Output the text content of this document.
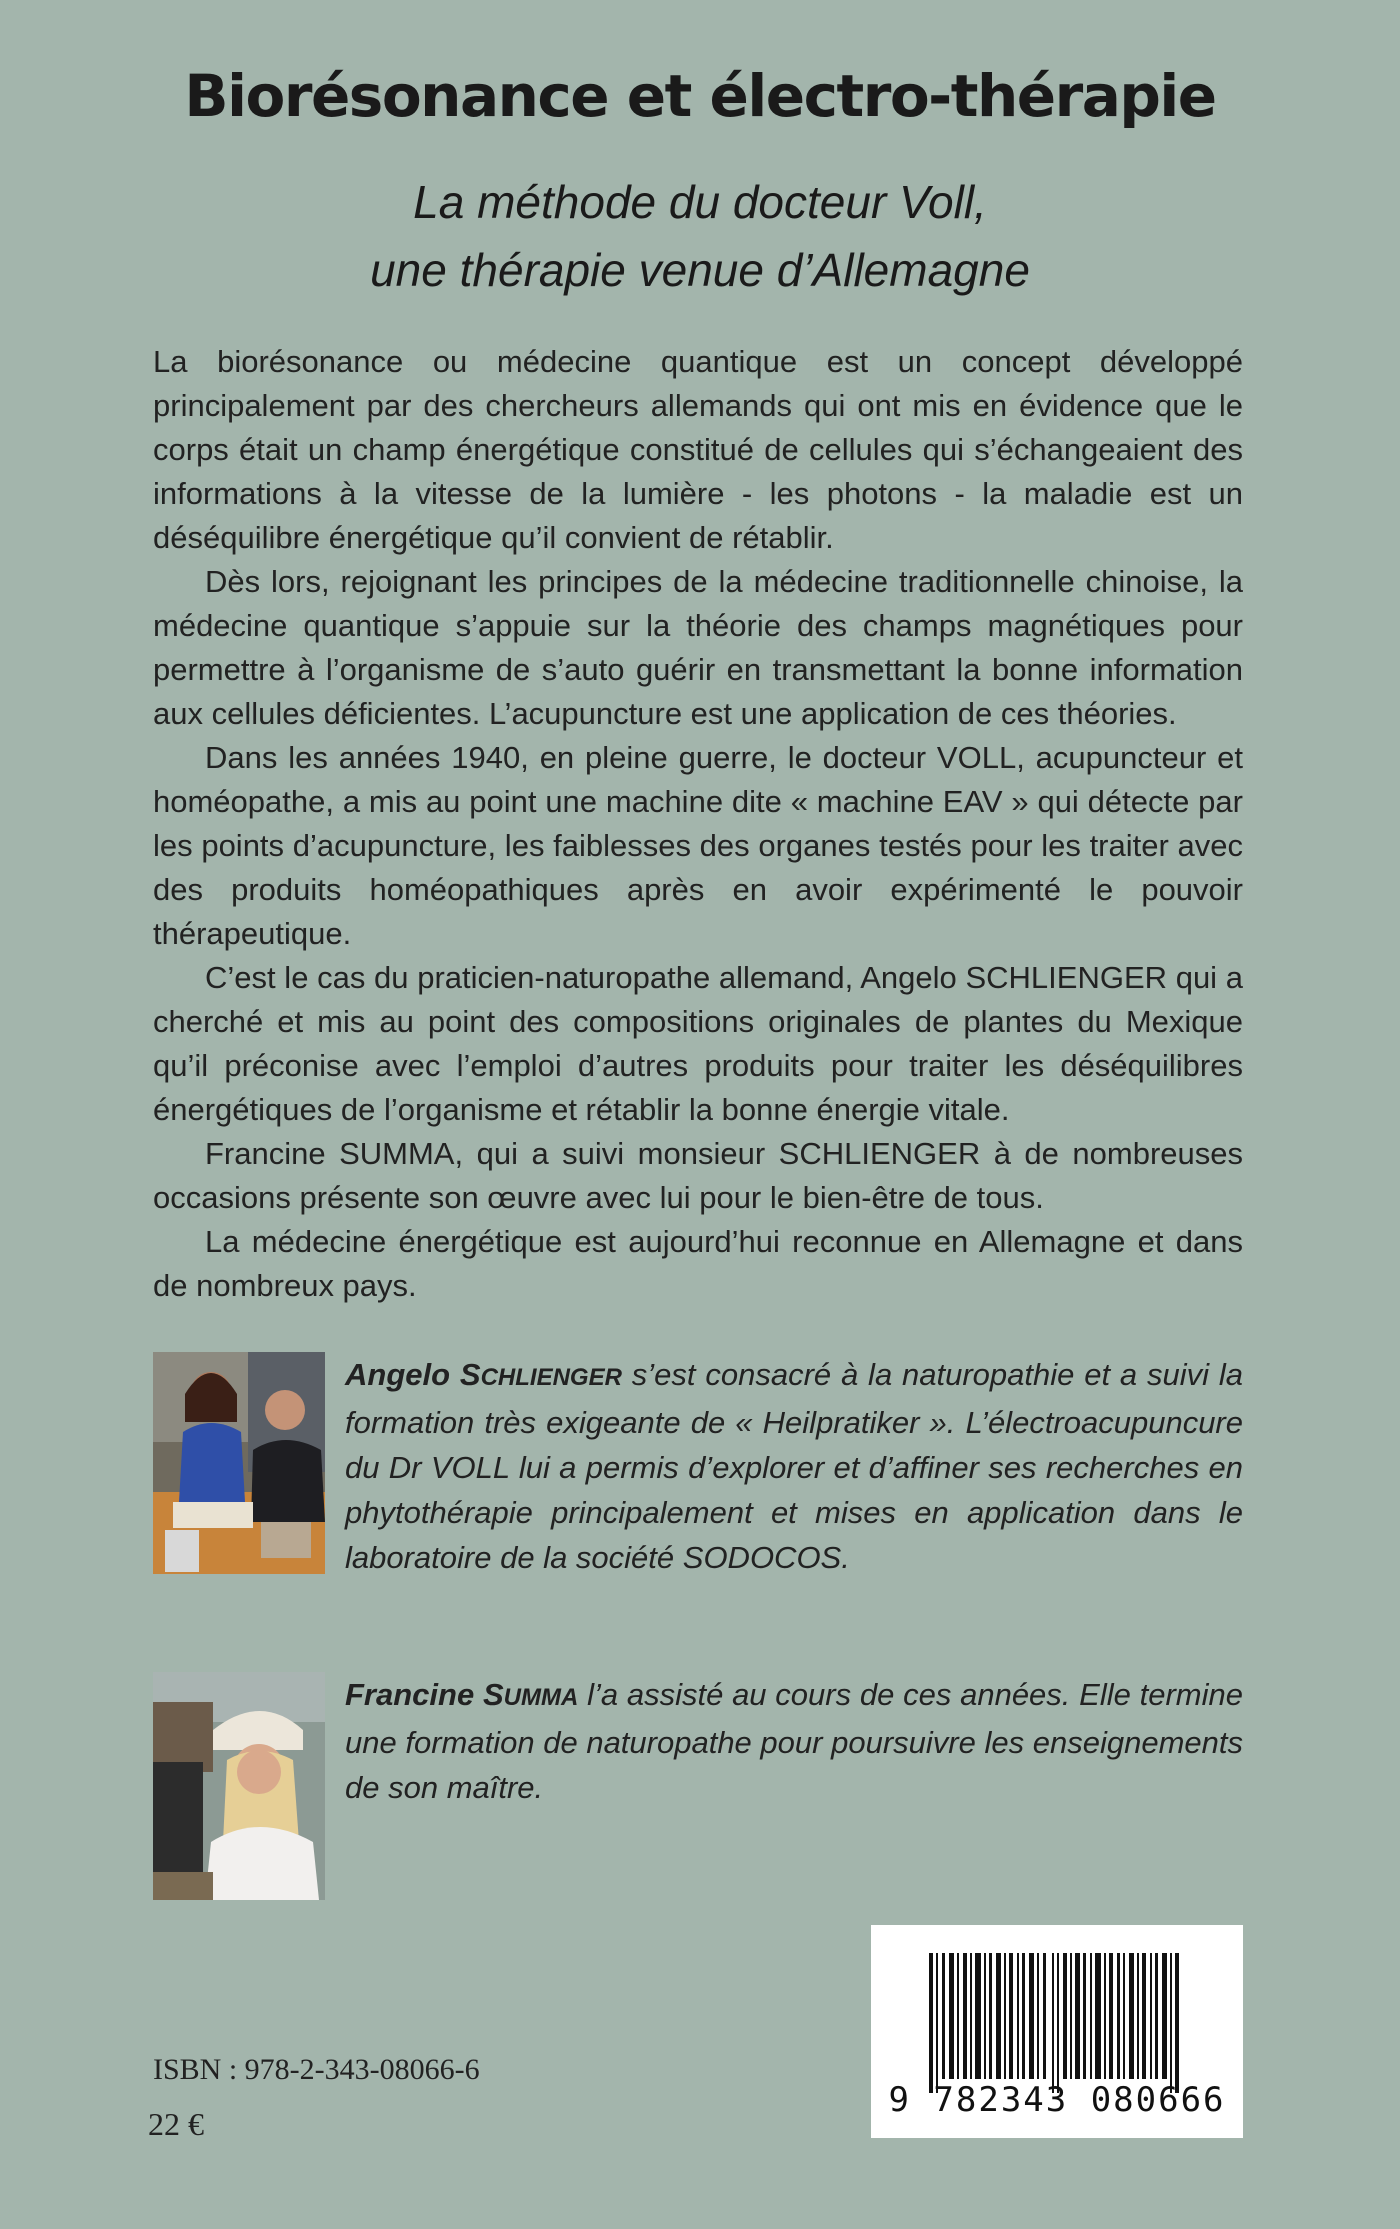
Biorésonance et électro-thérapie
La méthode du docteur Voll,
une thérapie venue d’Allemagne

La biorésonance ou médecine quantique est un concept développé principalement par des chercheurs allemands qui ont mis en évidence que le corps était un champ énergétique constitué de cellules qui s’échangeaient des informations à la vitesse de la lumière - les photons - la maladie est un déséquilibre énergétique qu’il convient de rétablir.

Dès lors, rejoignant les principes de la médecine traditionnelle chinoise, la médecine quantique s’appuie sur la théorie des champs magnétiques pour permettre à l’organisme de s’auto guérir en transmettant la bonne information aux cellules déficientes. L’acupuncture est une application de ces théories.

Dans les années 1940, en pleine guerre, le docteur VOLL, acupuncteur et homéopathe, a mis au point une machine dite « machine EAV » qui détecte par les points d’acupuncture, les faiblesses des organes testés pour les traiter avec des produits homéopathiques après en avoir expérimenté le pouvoir thérapeutique.

C’est le cas du praticien-naturopathe allemand, Angelo SCHLIENGER qui a cherché et mis au point des compositions originales de plantes du Mexique qu’il préconise avec l’emploi d’autres produits pour traiter les déséquilibres énergétiques de l’organisme et rétablir la bonne énergie vitale.

Francine SUMMA, qui a suivi monsieur SCHLIENGER à de nombreuses occasions présente son œuvre avec lui pour le bien-être de tous.

La médecine énergétique est aujourd’hui reconnue en Allemagne et dans de nombreux pays.

Angelo SCHLIENGER s’est consacré à la naturopathie et a suivi la formation très exigeante de « Heilpratiker ». L’électroacupuncure du Dr VOLL lui a permis d’explorer et d’affiner ses recherches en phytothérapie principalement et mises en application dans le laboratoire de la société SODOCOS.
Francine SUMMA l’a assisté au cours de ces années. Elle termine une formation de naturopathe pour poursuivre les enseignements de son maître.
ISBN : 978-2-343-08066-6
22 €
9 782343 080666
